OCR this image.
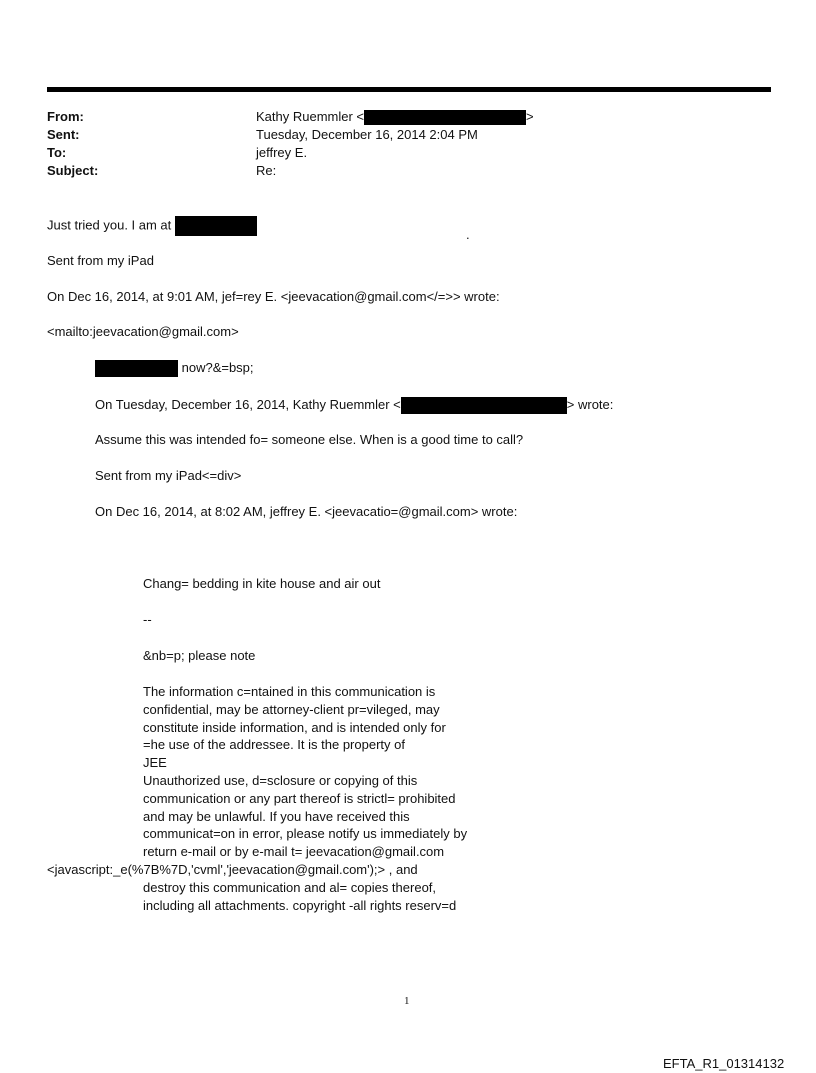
From:	Kathy Ruemmler <	>
Sent:	Tuesday, December 16, 2014 2:04 PM
To:	jeffrey E.
Subject:	Re:
Just tried you. I am at
.
Sent from my iPad
On Dec 16, 2014, at 9:01 AM, jef=rey E. <jeevacation@gmail.com</=>> wrote:
<mailto:jeevacation@gmail.com>
now?&=bsp;
On Tuesday, December 16, 2014, Kathy Ruemmler <	> wrote:
Assume this was intended fo= someone else. When is a good time to call?
Sent from my iPad<=div>
On Dec 16, 2014, at 8:02 AM, jeffrey E. <jeevacatio=@gmail.com> wrote:
Chang= bedding in kite house and air out
--
&nb=p; please note
The information c=ntained in this communication is
confidential, may be attorney-client pr=vileged, may
constitute inside information, and is intended only for
=he use of the addressee. It is the property of
JEE
Unauthorized use, d=sclosure or copying of this
communication or any part thereof is strictl= prohibited
and may be unlawful. If you have received this
communicat=on in error, please notify us immediately by
return e-mail or by e-mail t= jeevacation@gmail.com
<javascript:_e(%7B%7D,'cvml','jeevacation@gmail.com');> , and
destroy this communication and al= copies thereof,
including all attachments. copyright -all rights reserv=d
1
EFTA_R1_01314132
